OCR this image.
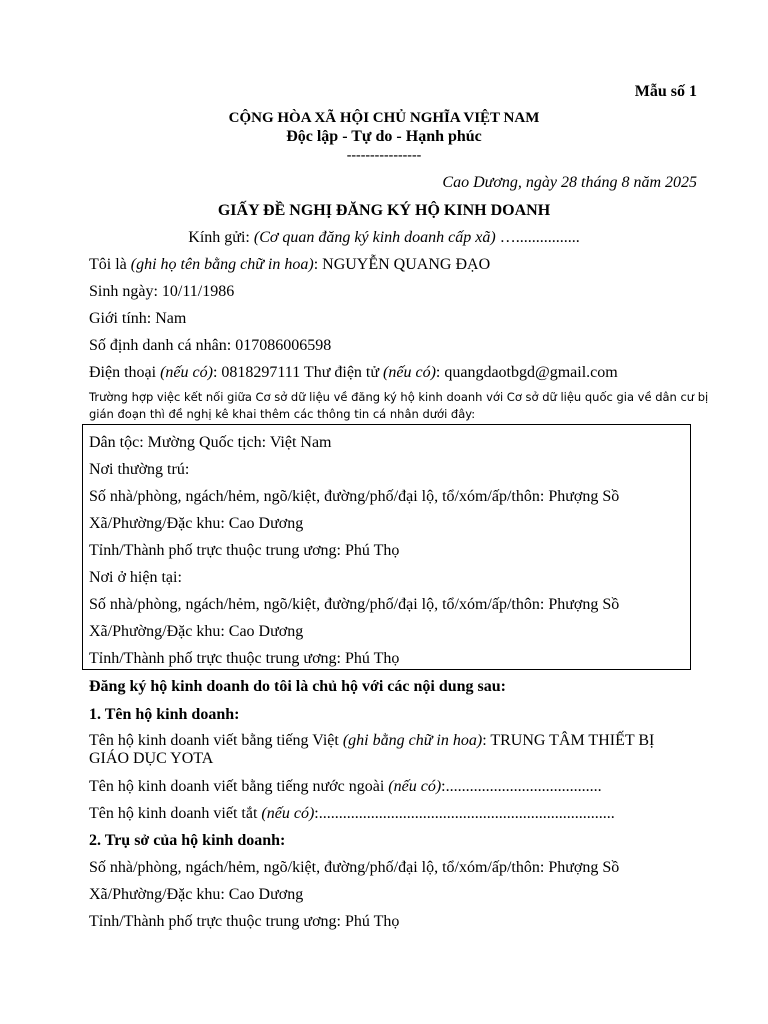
Mẫu số 1
CỘNG HÒA XÃ HỘI CHỦ NGHĨA VIỆT NAM
Độc lập - Tự do - Hạnh phúc
----------------
Cao Dương, ngày 28 tháng 8 năm 2025
GIẤY ĐỀ NGHỊ ĐĂNG KÝ HỘ KINH DOANH
Kính gửi: (Cơ quan đăng ký kinh doanh cấp xã) …................
Tôi là (ghi họ tên bằng chữ in hoa): NGUYỄN QUANG ĐẠO
Sinh ngày: 10/11/1986
Giới tính: Nam
Số định danh cá nhân: 017086006598
Điện thoại (nếu có): 0818297111 Thư điện tử (nếu có): quangdaotbgd@gmail.com
Trường hợp việc kết nối giữa Cơ sở dữ liệu về đăng ký hộ kinh doanh với Cơ sở dữ liệu quốc gia về dân cư bị
gián đoạn thì đề nghị kê khai thêm các thông tin cá nhân dưới đây:
Dân tộc: Mường Quốc tịch: Việt Nam
Nơi thường trú:
Số nhà/phòng, ngách/hẻm, ngõ/kiệt, đường/phố/đại lộ, tổ/xóm/ấp/thôn: Phượng Sồ
Xã/Phường/Đặc khu: Cao Dương
Tỉnh/Thành phố trực thuộc trung ương: Phú Thọ
Nơi ở hiện tại:
Số nhà/phòng, ngách/hẻm, ngõ/kiệt, đường/phố/đại lộ, tổ/xóm/ấp/thôn: Phượng Sồ
Xã/Phường/Đặc khu: Cao Dương
Tỉnh/Thành phố trực thuộc trung ương: Phú Thọ
Đăng ký hộ kinh doanh do tôi là chủ hộ với các nội dung sau:
1. Tên hộ kinh doanh:
Tên hộ kinh doanh viết bằng tiếng Việt (ghi bằng chữ in hoa): TRUNG TÂM THIẾT BỊ
GIÁO DỤC YOTA
Tên hộ kinh doanh viết bằng tiếng nước ngoài (nếu có):.......................................
Tên hộ kinh doanh viết tắt (nếu có):..........................................................................
2. Trụ sở của hộ kinh doanh:
Số nhà/phòng, ngách/hẻm, ngõ/kiệt, đường/phố/đại lộ, tổ/xóm/ấp/thôn: Phượng Sồ
Xã/Phường/Đặc khu: Cao Dương
Tỉnh/Thành phố trực thuộc trung ương: Phú Thọ
